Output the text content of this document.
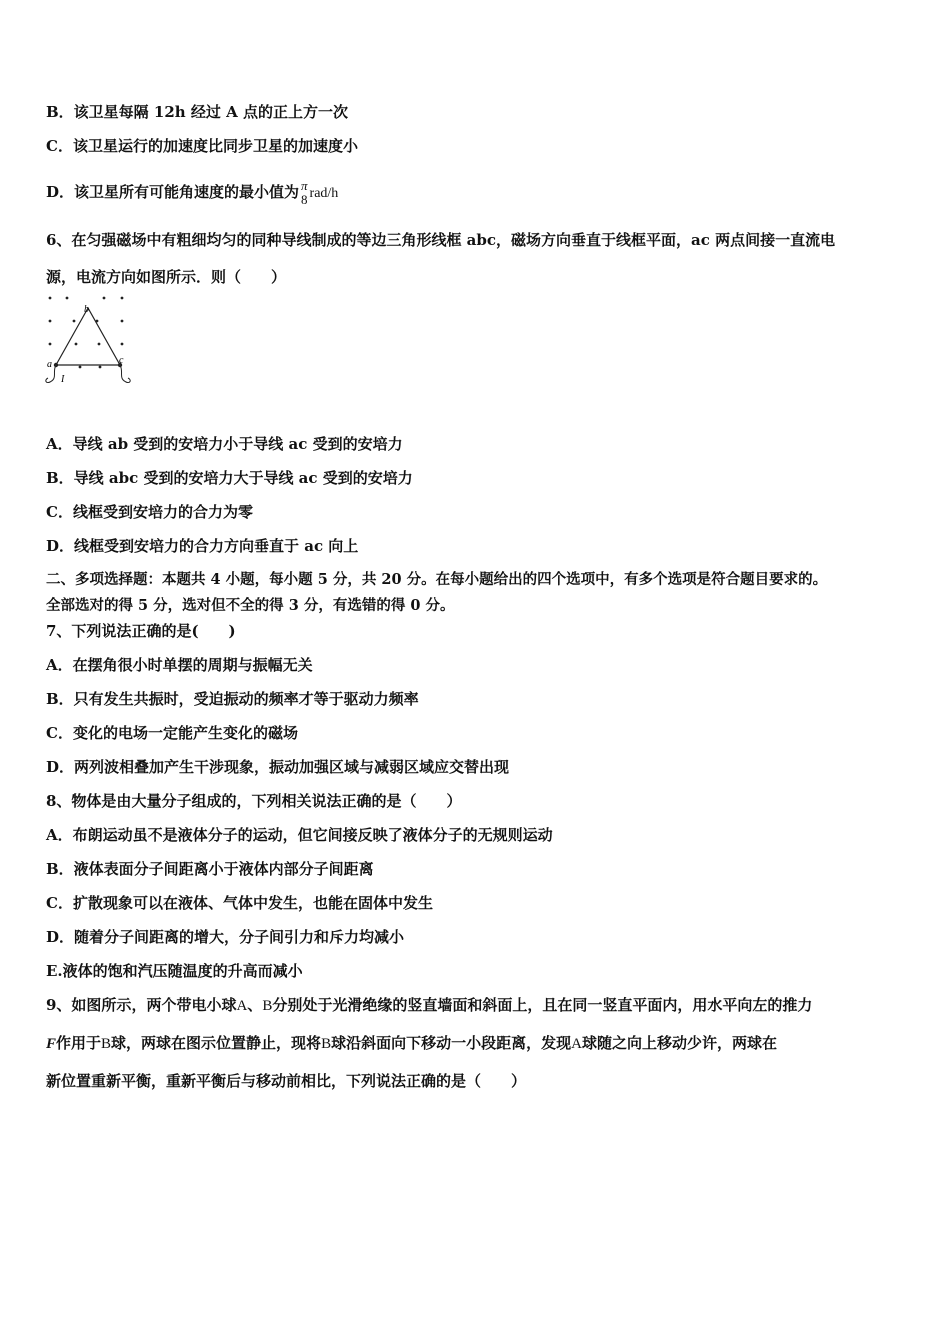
B．该卫星每隔 12h 经过 A 点的正上方一次
C．该卫星运行的加速度比同步卫星的加速度小
D．该卫星所有可能角速度的最小值为 π
8 rad/h
6、在匀强磁场中有粗细均匀的同种导线制成的等边三角形线框 abc，磁场方向垂直于线框平面，ac 两点间接一直流电
源，电流方向如图所示．则（　　）
b
a	c
I
A．导线 ab 受到的安培力小于导线 ac 受到的安培力
B．导线 abc 受到的安培力大于导线 ac 受到的安培力
C．线框受到安培力的合力为零
D．线框受到安培力的合力方向垂直于 ac 向上
二、多项选择题：本题共 4 小题，每小题 5 分，共 20 分。在每小题给出的四个选项中，有多个选项是符合题目要求的。
全部选对的得 5 分，选对但不全的得 3 分，有选错的得 0 分。
7、下列说法正确的是(　　)
A．在摆角很小时单摆的周期与振幅无关
B．只有发生共振时，受迫振动的频率才等于驱动力频率
C．变化的电场一定能产生变化的磁场
D．两列波相叠加产生干涉现象，振动加强区域与减弱区域应交替出现
8、物体是由大量分子组成的，下列相关说法正确的是（　　）
A．布朗运动虽不是液体分子的运动，但它间接反映了液体分子的无规则运动
B．液体表面分子间距离小于液体内部分子间距离
C．扩散现象可以在液体、气体中发生，也能在固体中发生
D．随着分子间距离的增大，分子间引力和斥力均减小
E.液体的饱和汽压随温度的升高而减小
9、如图所示，两个带电小球A、B分别处于光滑绝缘的竖直墙面和斜面上，且在同一竖直平面内，用水平向左的推力
F作用于B球，两球在图示位置静止，现将B球沿斜面向下移动一小段距离，发现A球随之向上移动少许，两球在
新位置重新平衡，重新平衡后与移动前相比，下列说法正确的是（　　）
